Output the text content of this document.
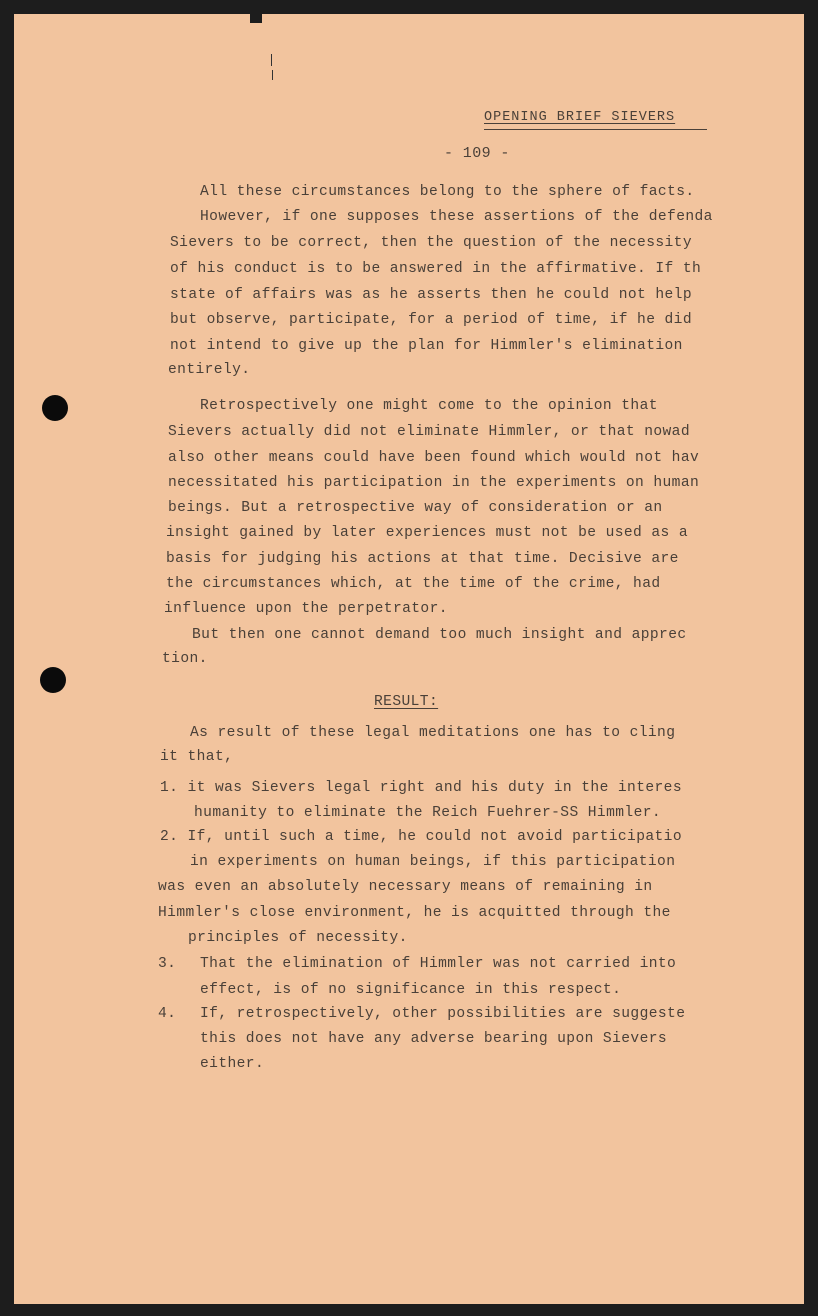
OPENING BRIEF SIEVERS

- 109 -

All these circumstances belong to the sphere of facts.

However, if one supposes these assertions of the defenda

Sievers to be correct, then the question of the necessity

of his conduct is to be answered in the affirmative. If th

state of affairs was as he asserts then he could not help

but observe, participate, for a period of time, if he did

not intend to give up the plan for Himmler's elimination

entirely.

Retrospectively one might come to the opinion that

Sievers actually did not eliminate Himmler, or that nowad

also other means could have been found which would not hav

necessitated his participation in the experiments on human

beings. But a retrospective way of consideration or an

insight gained by later experiences must not be used as a

basis for judging his actions at that time. Decisive are

the circumstances which, at the time of the crime, had

influence upon the perpetrator.

But then one cannot demand too much insight and apprec

tion.

RESULT:

As result of these legal meditations one has to cling

it that,

1. it was Sievers legal right and his duty in the interes

humanity to eliminate the Reich Fuehrer-SS Himmler.

2. If, until such a time, he could not avoid participatio

in experiments on human beings, if this participation

was even an absolutely necessary means of remaining in

Himmler's close environment, he is acquitted through the

principles of necessity.

3.

That the elimination of Himmler was not carried into

effect, is of no significance in this respect.

4.

If, retrospectively, other possibilities are suggeste

this does not have any adverse bearing upon Sievers

either.
